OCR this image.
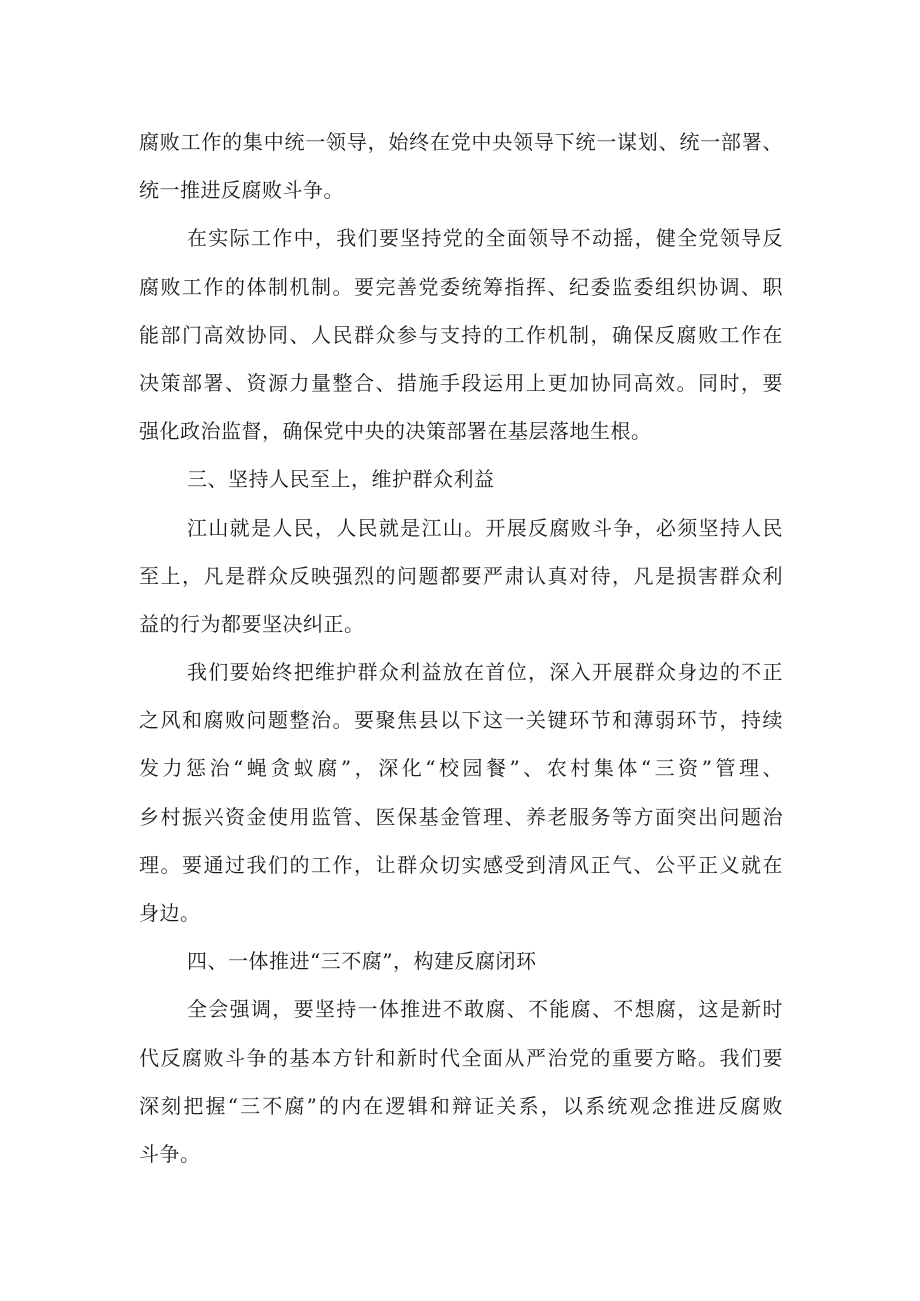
腐败工作的集中统一领导，始终在党中央领导下统一谋划、统一部署、
统一推进反腐败斗争。
在实际工作中，我们要坚持党的全面领导不动摇，健全党领导反
腐败工作的体制机制。要完善党委统筹指挥、纪委监委组织协调、职
能部门高效协同、人民群众参与支持的工作机制，确保反腐败工作在
决策部署、资源力量整合、措施手段运用上更加协同高效。同时，要
强化政治监督，确保党中央的决策部署在基层落地生根。
三、坚持人民至上，维护群众利益
江山就是人民，人民就是江山。开展反腐败斗争，必须坚持人民
至上，凡是群众反映强烈的问题都要严肃认真对待，凡是损害群众利
益的行为都要坚决纠正。
我们要始终把维护群众利益放在首位，深入开展群众身边的不正
之风和腐败问题整治。要聚焦县以下这一关键环节和薄弱环节，持续
发力惩治“蝇贪蚁腐”，深化“校园餐”、农村集体“三资”管理、
乡村振兴资金使用监管、医保基金管理、养老服务等方面突出问题治
理。要通过我们的工作，让群众切实感受到清风正气、公平正义就在
身边。
四、一体推进“三不腐”，构建反腐闭环
全会强调，要坚持一体推进不敢腐、不能腐、不想腐，这是新时
代反腐败斗争的基本方针和新时代全面从严治党的重要方略。我们要
深刻把握“三不腐”的内在逻辑和辩证关系，以系统观念推进反腐败
斗争。
